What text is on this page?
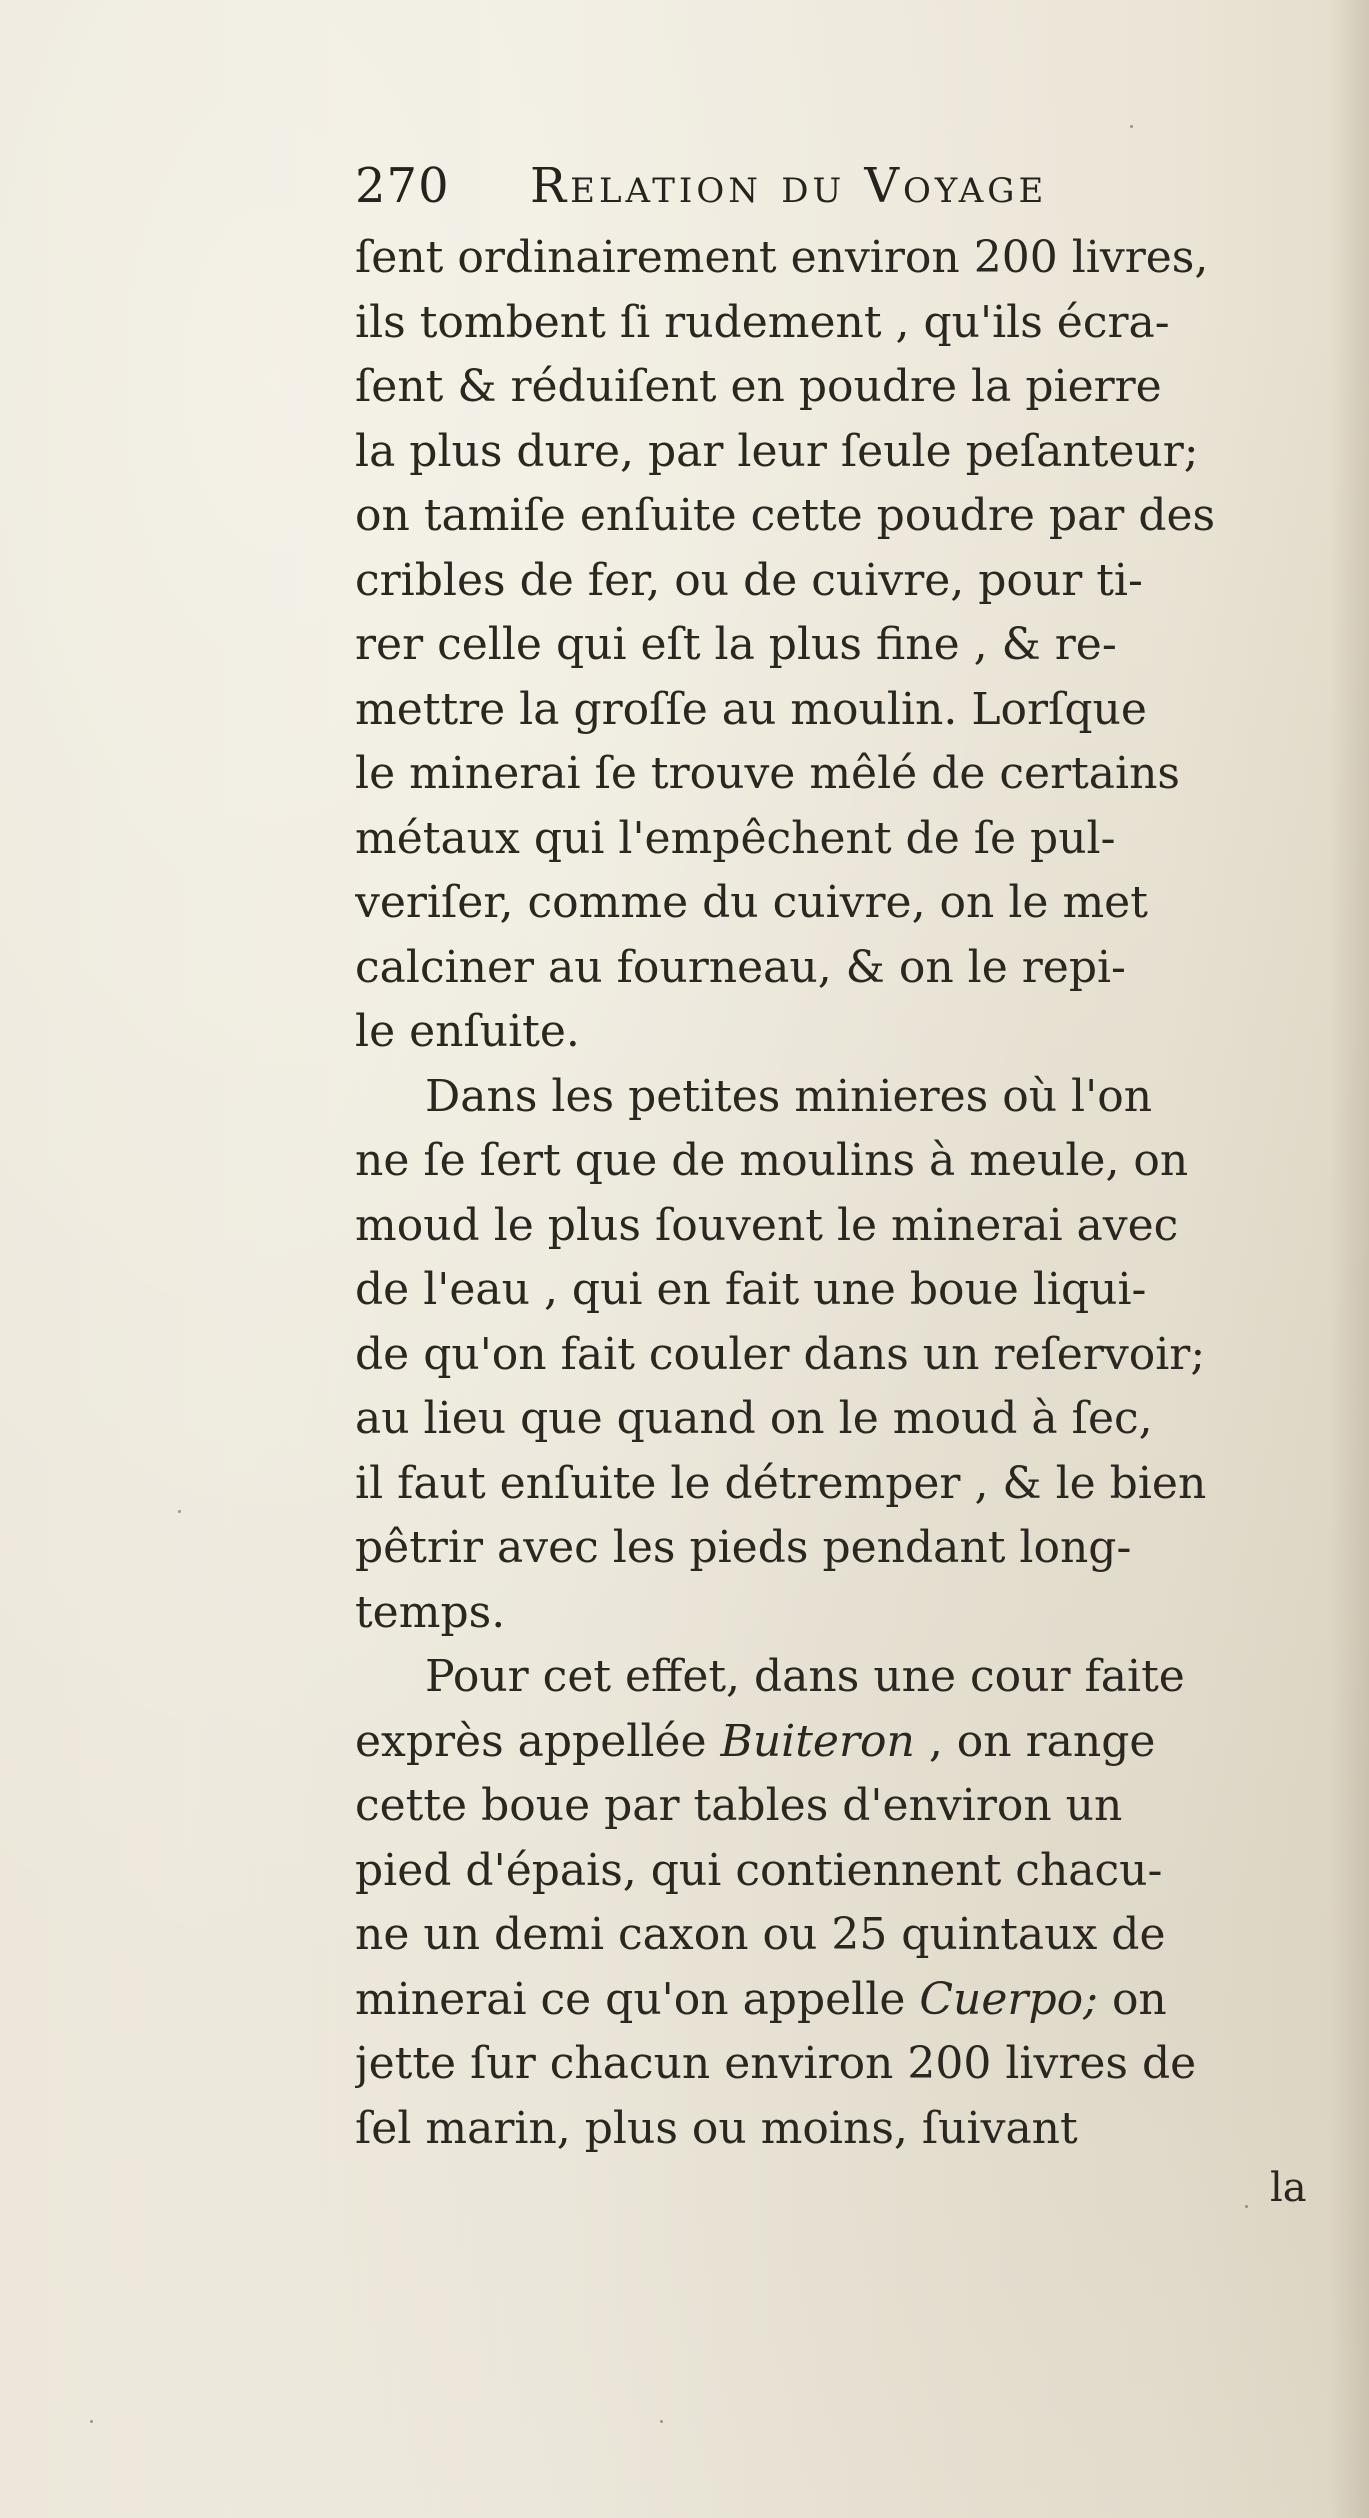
270 Relation du Voyage
ſent ordinairement environ 200 livres,
ils tombent ſi rudement , qu'ils écra-
ſent & réduiſent en poudre la pierre
la plus dure, par leur ſeule peſanteur;
on tamiſe enſuite cette poudre par des
cribles de fer, ou de cuivre, pour ti-
rer celle qui eſt la plus fine , & re-
mettre la groſſe au moulin. Lorſque
le minerai ſe trouve mêlé de certains
métaux qui l'empêchent de ſe pul-
veriſer, comme du cuivre, on le met
calciner au fourneau, & on le repi-
le enſuite.
Dans les petites minieres où l'on
ne ſe ſert que de moulins à meule, on
moud le plus ſouvent le minerai avec
de l'eau , qui en fait une boue liqui-
de qu'on fait couler dans un reſervoir;
au lieu que quand on le moud à ſec,
il faut enſuite le détremper , & le bien
pêtrir avec les pieds pendant long-
temps.
Pour cet effet, dans une cour faite
exprès appellée Buiteron , on range
cette boue par tables d'environ un
pied d'épais, qui contiennent chacu-
ne un demi caxon ou 25 quintaux de
minerai ce qu'on appelle Cuerpo; on
jette ſur chacun environ 200 livres de
ſel marin, plus ou moins, ſuivant
la
